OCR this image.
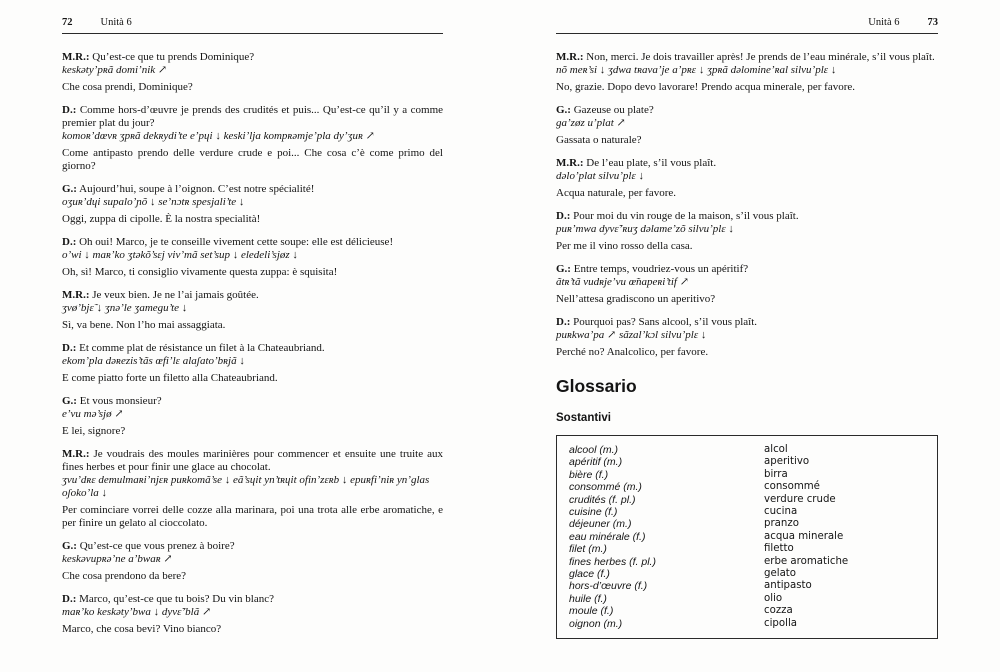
72	Unità 6

M.R.: Qu’est-ce que tu prends Dominique?

keskəty’pʀã domi’nik ↗

Che cosa prendi, Dominique?

D.: Comme hors-d’œuvre je prends des crudités et puis... Qu’est-ce qu’il y a comme premier plat du jour?

komoʀ’dœvʀ ʒpʀã dekʀydi’te e’pɥi ↓ keski’lja kompʀəmje’pla dy’ʒuʀ ↗

Come antipasto prendo delle verdure crude e poi... Che cosa c’è come primo del giorno?

G.: Aujourd’hui, soupe à l’oignon. C’est notre spécialité!

oʒuʀ’dɥi supalo’ɲõ ↓ se’nɔtʀ spesjali’te ↓

Oggi, zuppa di cipolle. È la nostra specialità!

D.: Oh oui! Marco, je te conseille vivement cette soupe: elle est délicieuse!

o’wi ↓ maʀ’ko ʒtəkõ’sɛj viv’mã set’sup ↓ eledeli’sjøz ↓

Oh, sì! Marco, ti consiglio vivamente questa zuppa: è squisita!

M.R.: Je veux bien. Je ne l’ai jamais goûtée.

ʒvø’bjɛ̃ ↓ ʒnə’le ʒamegu’te ↓

Sì, va bene. Non l’ho mai assaggiata.

D.: Et comme plat de résistance un filet à la Chateaubriand.

ekom’pla dəʀezis’tãs œfi’lɛ alaʃato’bʀjã ↓

E come piatto forte un filetto alla Chateaubriand.

G.: Et vous monsieur?

e’vu mə’sjø ↗

E lei, signore?

M.R.: Je voudrais des moules marinières pour commencer et ensuite une truite aux fines herbes et pour finir une glace au chocolat.

ʒvu’dʀɛ demulmaʀi’njɛʀ puʀkomã’se ↓ eã’sɥit yn’tʀɥit ofin’zɛʀb ↓ epuʀfi’niʀ yn’glas oʃoko’la ↓

Per cominciare vorrei delle cozze alla marinara, poi una trota alle erbe aromatiche, e per finire un gelato al cioccolato.

G.: Qu’est-ce que vous prenez à boire?

keskəvupʀə’ne a’bwaʀ ↗

Che cosa prendono da bere?

D.: Marco, qu’est-ce que tu bois? Du vin blanc?

maʀ’ko keskəty’bwa ↓ dyvɛ̃’blã ↗

Marco, che cosa bevi? Vino bianco?

Unità 6	73

M.R.: Non, merci. Je dois travailler après! Je prends de l’eau minérale, s’il vous plaît.

nõ meʀ’si ↓ ʒdwa tʀava’je a’pʀɛ ↓ ʒpʀã dəlomine’ʀal silvu’plɛ ↓

No, grazie. Dopo devo lavorare! Prendo acqua minerale, per favore.

G.: Gazeuse ou plate?

ga’zøz u’plat ↗

Gassata o naturale?

M.R.: De l’eau plate, s’il vous plaît.

dəlo’plat silvu’plɛ ↓

Acqua naturale, per favore.

D.: Pour moi du vin rouge de la maison, s’il vous plaît.

puʀ’mwa dyvɛ̃’ʀuʒ dəlame’zõ silvu’plɛ ↓

Per me il vino rosso della casa.

G.: Entre temps, voudriez-vous un apéritif?

ãtʀ’tã vudʀje’vu œ̃napeʀi’tif ↗

Nell’attesa gradiscono un aperitivo?

D.: Pourquoi pas? Sans alcool, s’il vous plaît.

puʀkwa’pa ↗ sãzal’kɔl silvu’plɛ ↓

Perché no? Analcolico, per favore.

Glossario
Sostantivi
alcool (m.)	alcol
apéritif (m.)	aperitivo
bière (f.)	birra
consommé (m.)	consommé
crudités (f. pl.)	verdure crude
cuisine (f.)	cucina
déjeuner (m.)	pranzo
eau minérale (f.)	acqua minerale
filet (m.)	filetto
fines herbes (f. pl.)	erbe aromatiche
glace (f.)	gelato
hors-d’œuvre (f.)	antipasto
huile (f.)	olio
moule (f.)	cozza
oignon (m.)	cipolla
